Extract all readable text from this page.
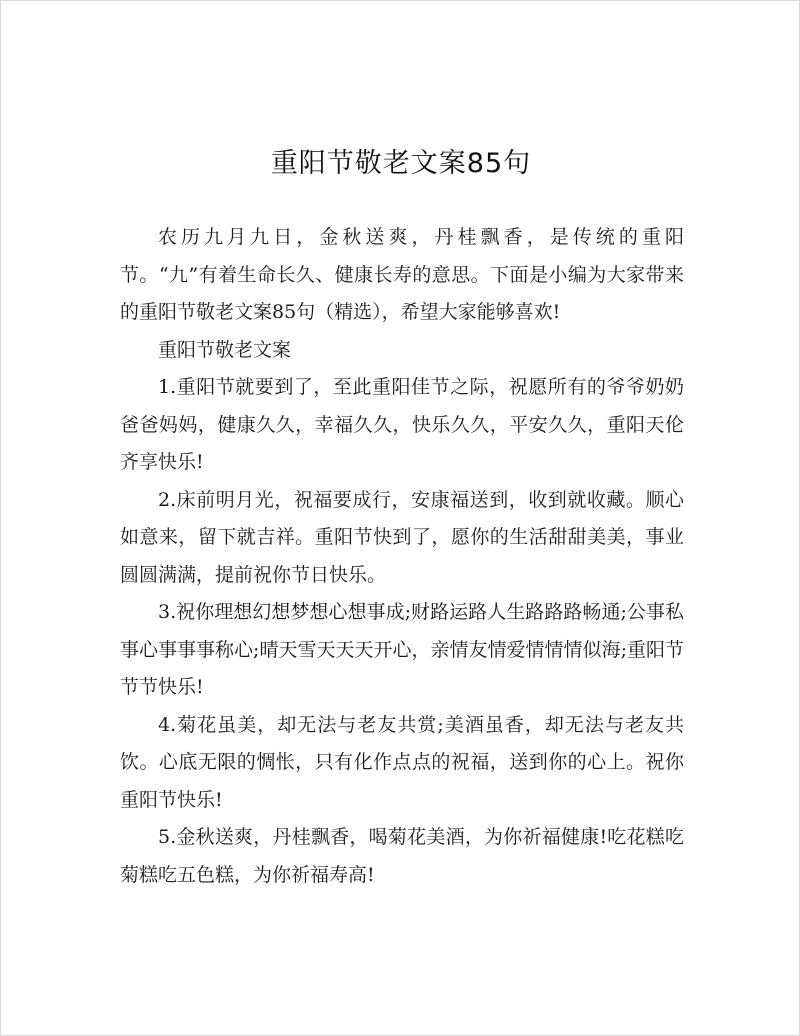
重阳节敬老文案85句

农历九月九日，金秋送爽，丹桂飘香，是传统的重阳节。“九”有着生命长久、健康长寿的意思。下面是小编为大家带来的重阳节敬老文案85句（精选），希望大家能够喜欢!

重阳节敬老文案

1.重阳节就要到了，至此重阳佳节之际，祝愿所有的爷爷奶奶爸爸妈妈，健康久久，幸福久久，快乐久久，平安久久，重阳天伦齐享快乐!

2.床前明月光，祝福要成行，安康福送到，收到就收藏。顺心如意来，留下就吉祥。重阳节快到了，愿你的生活甜甜美美，事业圆圆满满，提前祝你节日快乐。

3.祝你理想幻想梦想心想事成;财路运路人生路路路畅通;公事私事心事事事称心;晴天雪天天天开心，亲情友情爱情情情似海;重阳节节节快乐!

4.菊花虽美，却无法与老友共赏;美酒虽香，却无法与老友共饮。心底无限的惆怅，只有化作点点的祝福，送到你的心上。祝你重阳节快乐!

5.金秋送爽，丹桂飘香，喝菊花美酒，为你祈福健康!吃花糕吃菊糕吃五色糕，为你祈福寿高!
